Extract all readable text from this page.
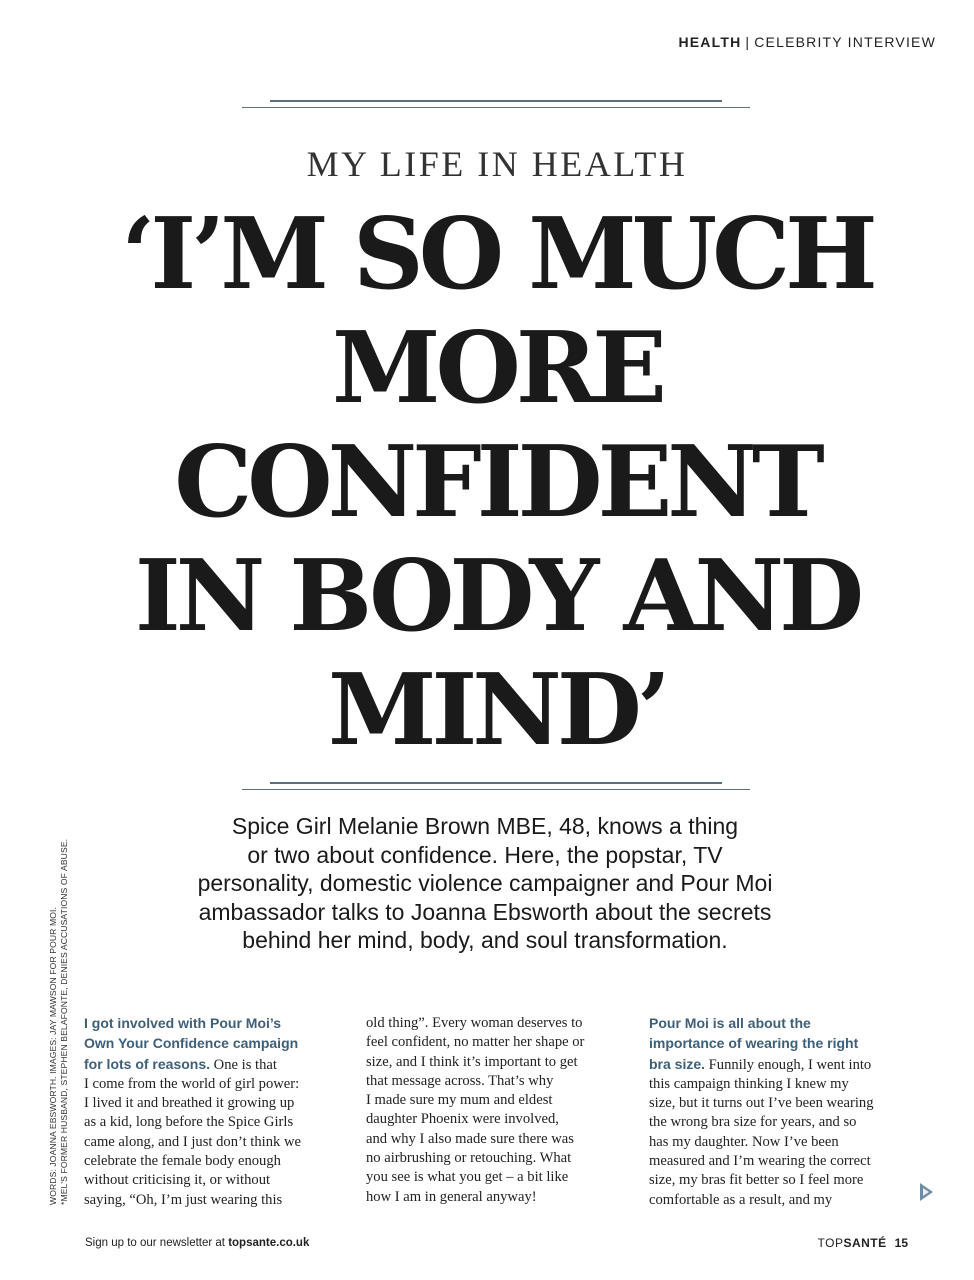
HEALTH | CELEBRITY INTERVIEW
MY LIFE IN HEALTH
‘I’M SO MUCH
MORE
CONFIDENT
IN BODY AND
MIND’
Spice Girl Melanie Brown MBE, 48, knows a thing
or two about confidence. Here, the popstar, TV
personality, domestic violence campaigner and Pour Moi
ambassador talks to Joanna Ebsworth about the secrets
behind her mind, body, and soul transformation.
WORDS: JOANNA EBSWORTH. IMAGES: JAY MAWSON FOR POUR MOI. *MEL'S FORMER HUSBAND, STEPHEN BELAFONTE, DENIES ACCUSATIONS OF ABUSE. I got involved with Pour Moi’s
Own Your Confidence campaign
for lots of reasons. One is that
I come from the world of girl power:
I lived it and breathed it growing up
as a kid, long before the Spice Girls
came along, and I just don’t think we
celebrate the female body enough
without criticising it, or without
saying, “Oh, I’m just wearing this
old thing”. Every woman deserves to
feel confident, no matter her shape or
size, and I think it’s important to get
that message across. That’s why
I made sure my mum and eldest
daughter Phoenix were involved,
and why I also made sure there was
no airbrushing or retouching. What
you see is what you get – a bit like
how I am in general anyway!
Pour Moi is all about the
importance of wearing the right
bra size. Funnily enough, I went into
this campaign thinking I knew my
size, but it turns out I’ve been wearing
the wrong bra size for years, and so
has my daughter. Now I’ve been
measured and I’m wearing the correct
size, my bras fit better so I feel more
comfortable as a result, and my
Sign up to our newsletter at topsante.co.uk	TOPSANTÉ 15
